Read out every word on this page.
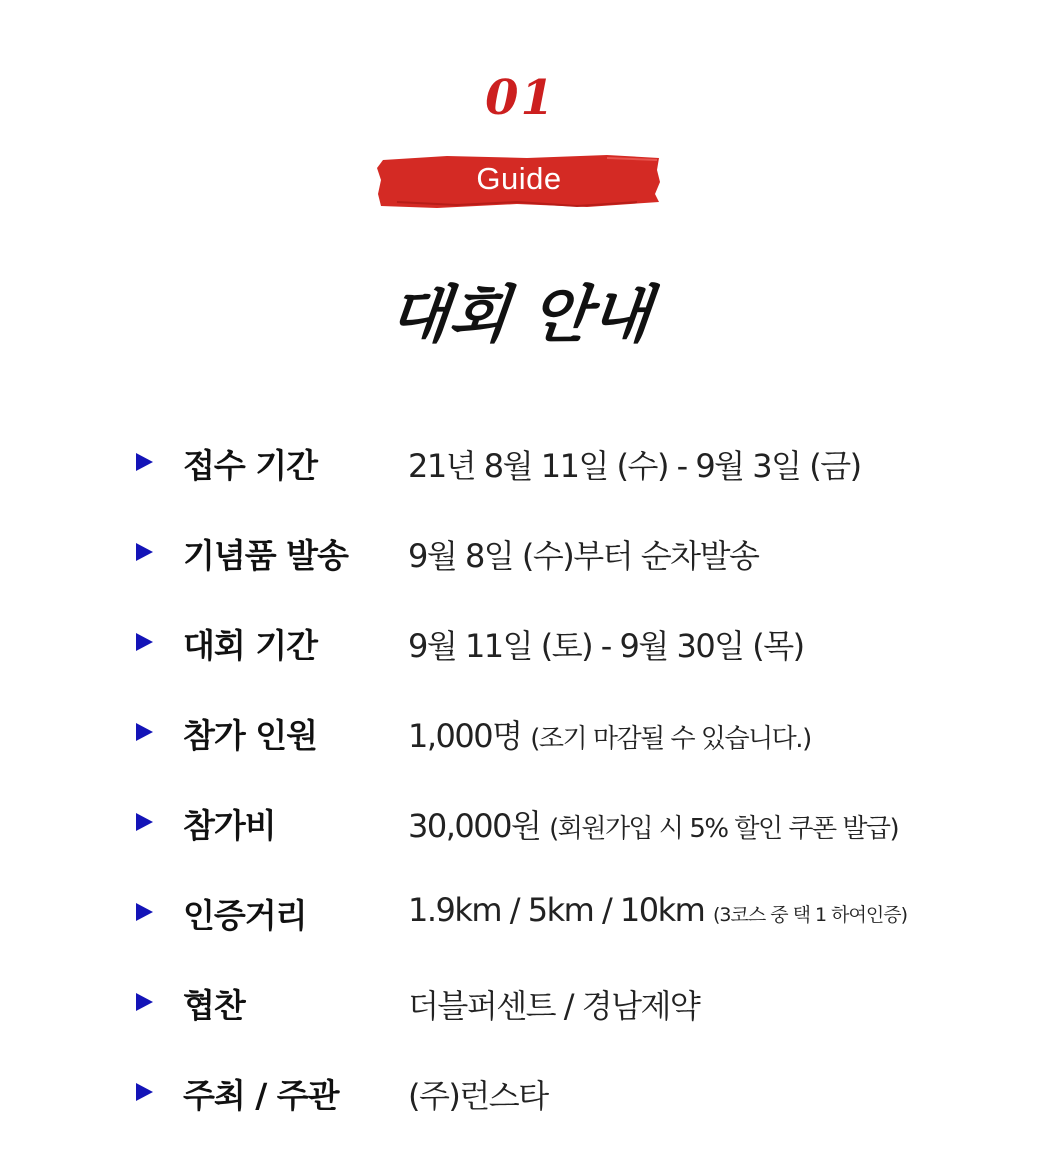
01
Guide
대회 안내
접수 기간	21년 8월 11일 (수) - 9월 3일 (금)
기념품 발송 9월 8일 (수)부터 순차발송
대회 기간	9월 11일 (토) - 9월 30일 (목)
참가 인원	1,000명 (조기 마감될 수 있습니다.)
참가비	30,000원 (회원가입 시 5% 할인 쿠폰 발급)
인증거리	1.9km / 5km / 10km (3코스 중 택 1 하여인증)
협찬	더블퍼센트 / 경남제약
주최 / 주관 (주)런스타
